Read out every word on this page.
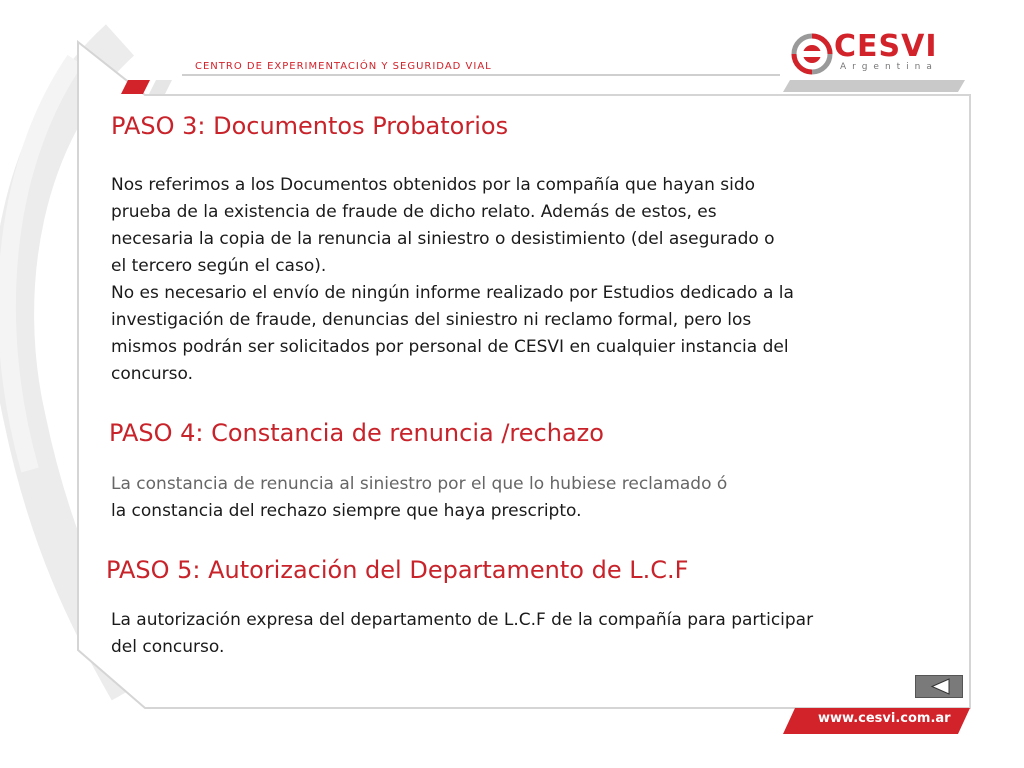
CENTRO DE EXPERIMENTACIÓN Y SEGURIDAD VIAL
CESVI
Argentina
PASO 3: Documentos Probatorios
Nos referimos a los Documentos obtenidos por la compañía que hayan sido
prueba de la existencia de fraude de dicho relato. Además de estos, es
necesaria la copia de la renuncia al siniestro o desistimiento (del asegurado o
el tercero según el caso).
No es necesario el envío de ningún informe realizado por Estudios dedicado a la
investigación de fraude, denuncias del siniestro ni reclamo formal, pero los
mismos podrán ser solicitados por personal de CESVI en cualquier instancia del
concurso.
PASO 4: Constancia de renuncia /rechazo
La constancia de renuncia al siniestro por el que lo hubiese reclamado ó
la constancia del rechazo siempre que haya prescripto.
PASO 5: Autorización del Departamento de L.C.F
La autorización expresa del departamento de L.C.F de la compañía para participar
del concurso.
www.cesvi.com.ar
